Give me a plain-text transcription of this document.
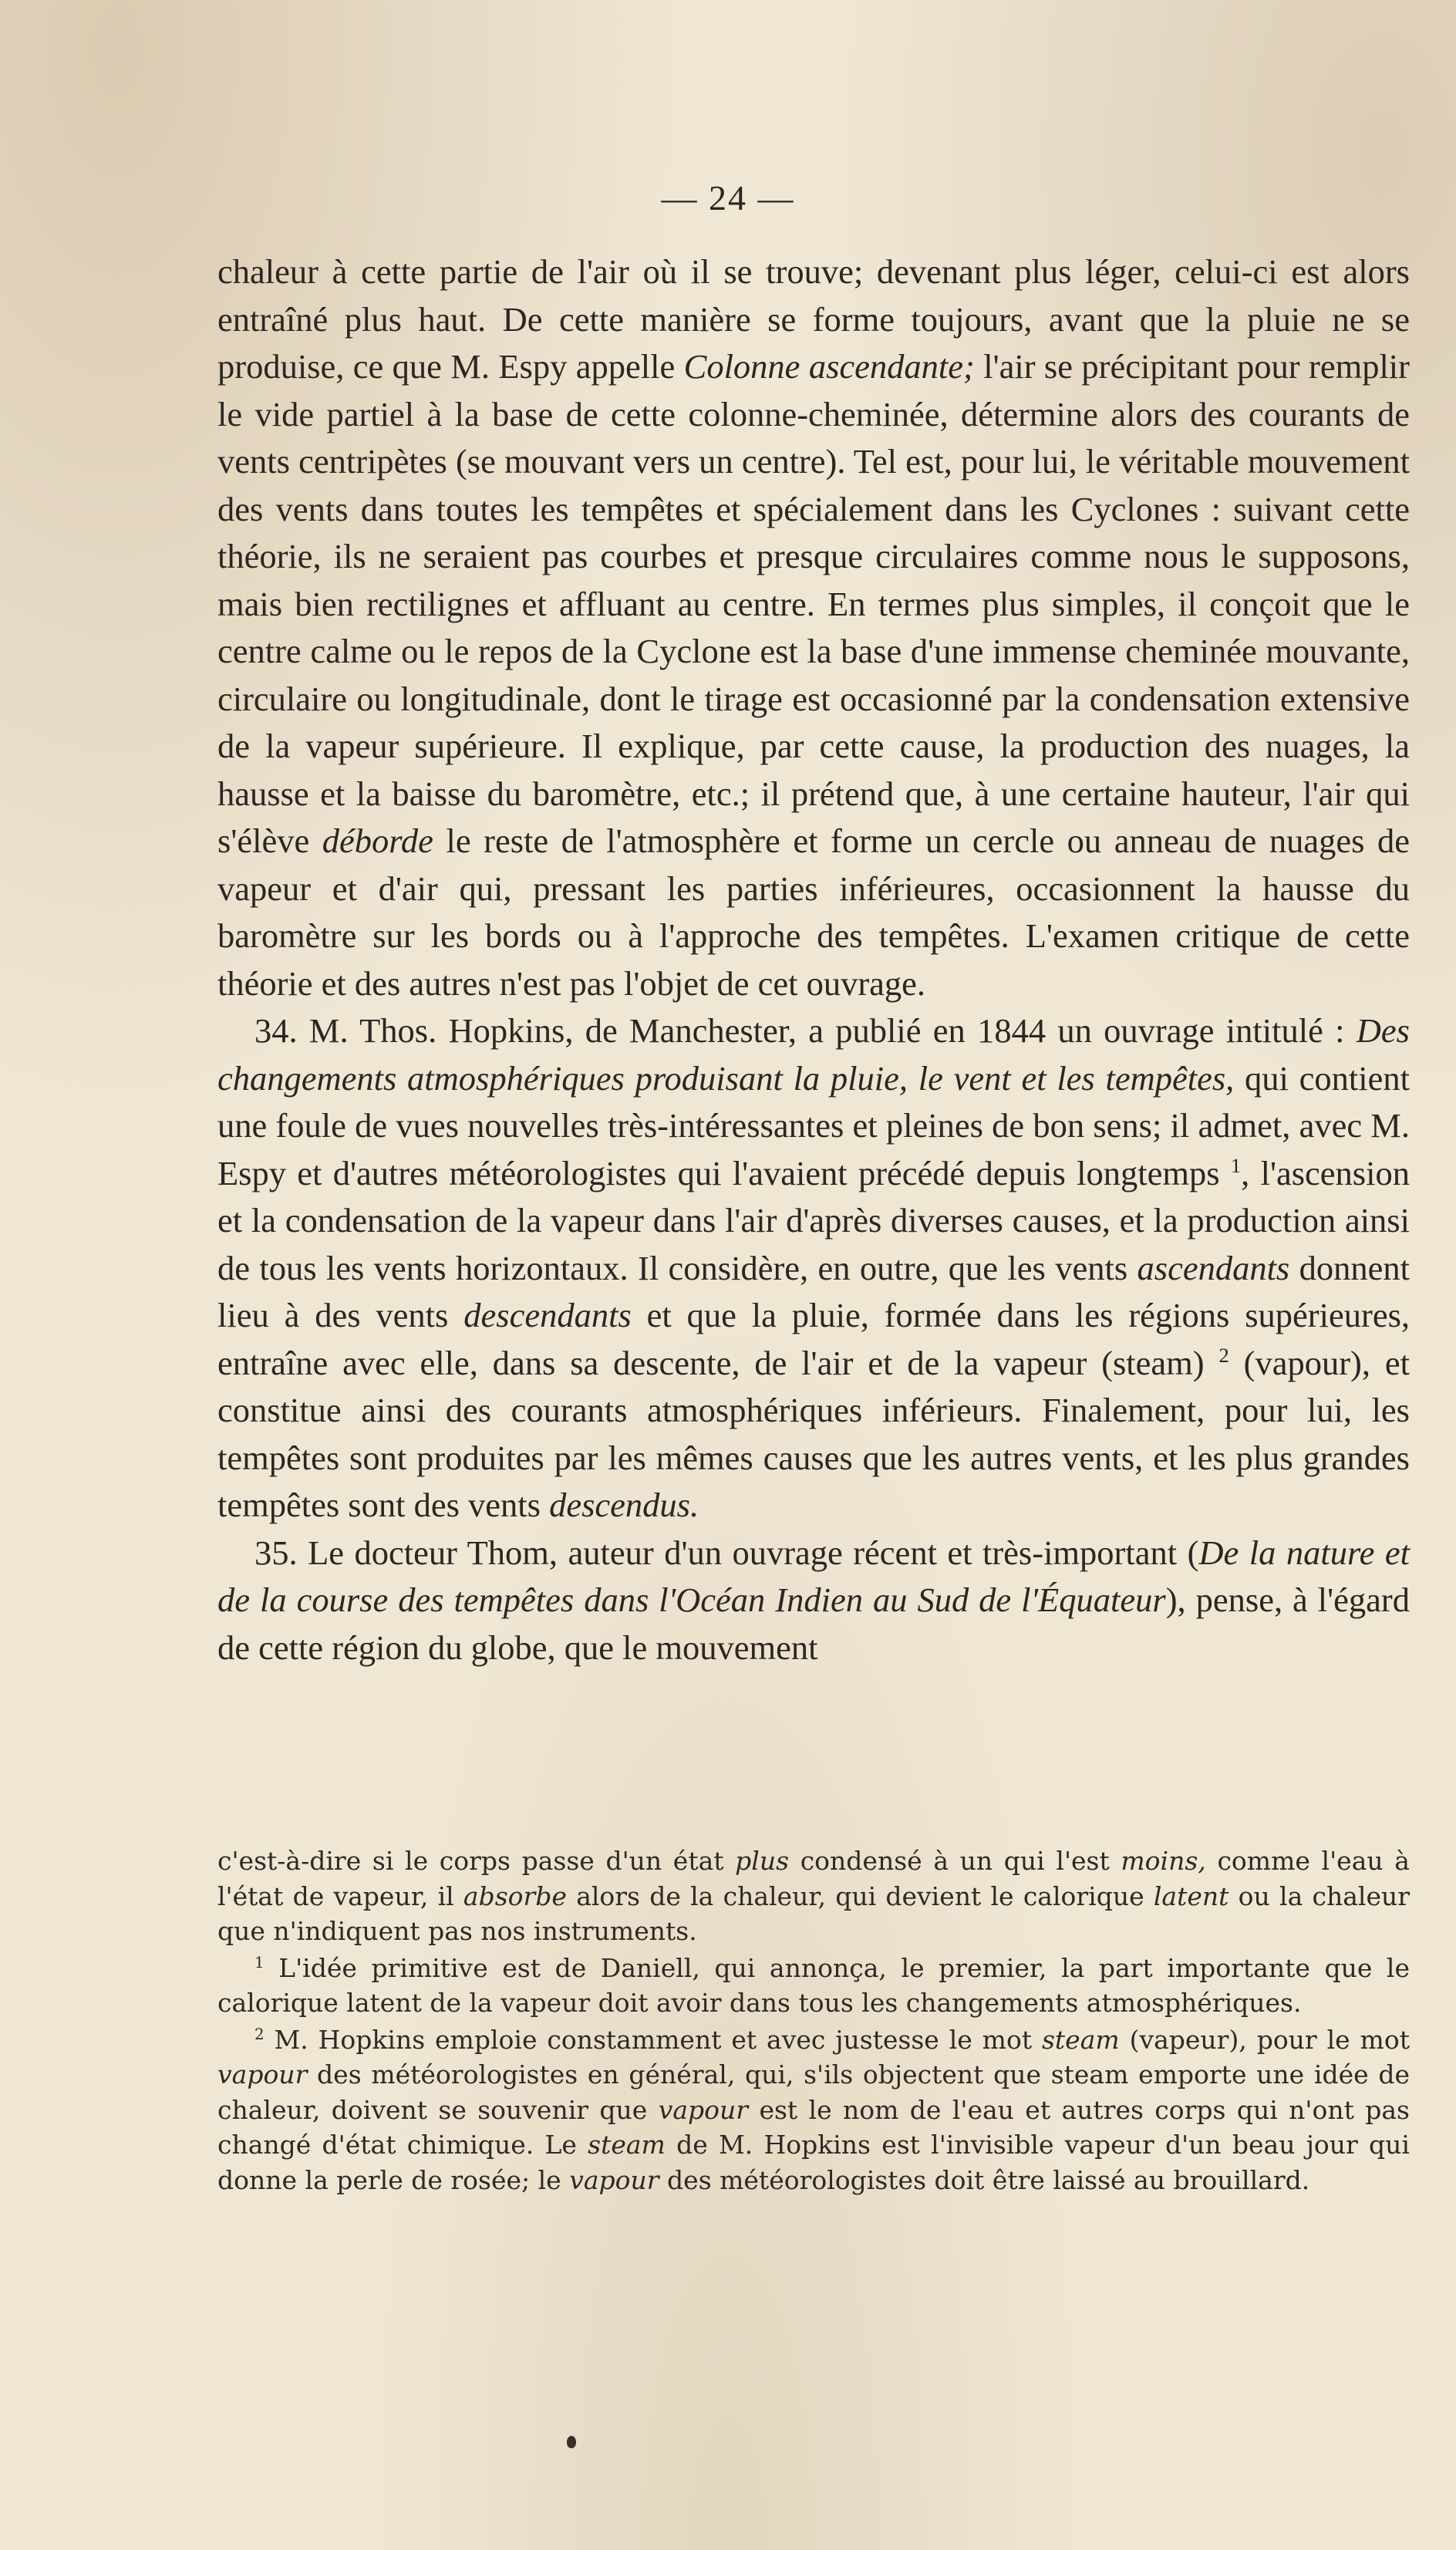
— 24 —

chaleur à cette partie de l'air où il se trouve; devenant plus léger, celui-ci est alors entraîné plus haut. De cette manière se forme toujours, avant que la pluie ne se produise, ce que M. Espy appelle Colonne ascendante; l'air se précipitant pour remplir le vide partiel à la base de cette colonne-cheminée, détermine alors des courants de vents centripètes (se mouvant vers un centre). Tel est, pour lui, le véritable mouvement des vents dans toutes les tempêtes et spécialement dans les Cyclones : suivant cette théorie, ils ne seraient pas courbes et presque circulaires comme nous le supposons, mais bien rectilignes et affluant au centre. En termes plus simples, il conçoit que le centre calme ou le repos de la Cyclone est la base d'une immense cheminée mouvante, circulaire ou longitudinale, dont le tirage est occasionné par la condensation extensive de la vapeur supérieure. Il explique, par cette cause, la production des nuages, la hausse et la baisse du baromètre, etc.; il prétend que, à une certaine hauteur, l'air qui s'élève déborde le reste de l'atmosphère et forme un cercle ou anneau de nuages de vapeur et d'air qui, pressant les parties inférieures, occasionnent la hausse du baromètre sur les bords ou à l'approche des tempêtes. L'examen critique de cette théorie et des autres n'est pas l'objet de cet ouvrage.

34. M. Thos. Hopkins, de Manchester, a publié en 1844 un ouvrage intitulé : Des changements atmosphériques produisant la pluie, le vent et les tempêtes, qui contient une foule de vues nouvelles très-intéressantes et pleines de bon sens; il admet, avec M. Espy et d'autres météorologistes qui l'avaient précédé depuis longtemps $^1$, l'ascension et la condensation de la vapeur dans l'air d'après diverses causes, et la production ainsi de tous les vents horizontaux. Il considère, en outre, que les vents ascendants donnent lieu à des vents descendants et que la pluie, formée dans les régions supérieures, entraîne avec elle, dans sa descente, de l'air et de la vapeur (steam) $^2$ (vapour), et constitue ainsi des courants atmosphériques inférieurs. Finalement, pour lui, les tempêtes sont produites par les mêmes causes que les autres vents, et les plus grandes tempêtes sont des vents descendus.

35. Le docteur Thom, auteur d'un ouvrage récent et très-important (De la nature et de la course des tempêtes dans l'Océan Indien au Sud de l'Équateur), pense, à l'égard de cette région du globe, que le mouvement

c'est-à-dire si le corps passe d'un état plus condensé à un qui l'est moins, comme l'eau à l'état de vapeur, il absorbe alors de la chaleur, qui devient le calorique latent ou la chaleur que n'indiquent pas nos instruments.

$^1$ L'idée primitive est de Daniell, qui annonça, le premier, la part importante que le calorique latent de la vapeur doit avoir dans tous les changements atmosphériques.

$^2$ M. Hopkins emploie constamment et avec justesse le mot steam (vapeur), pour le mot vapour des météorologistes en général, qui, s'ils objectent que steam emporte une idée de chaleur, doivent se souvenir que vapour est le nom de l'eau et autres corps qui n'ont pas changé d'état chimique. Le steam de M. Hopkins est l'invisible vapeur d'un beau jour qui donne la perle de rosée; le vapour des météorologistes doit être laissé au brouillard.
